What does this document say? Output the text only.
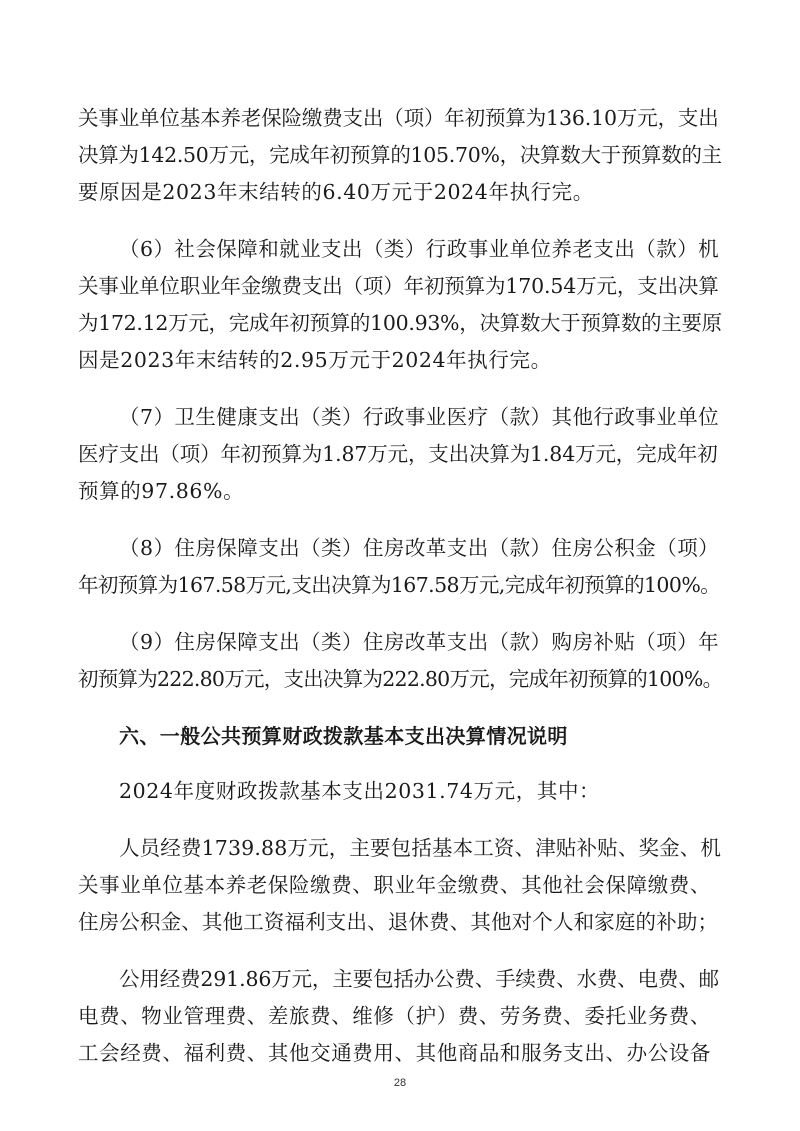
关事业单位基本养老保险缴费支出（项）年初预算为136.10万元，支出
决算为142.50万元，完成年初预算的105.70%，决算数大于预算数的主
要原因是2023年末结转的6.40万元于2024年执行完。

（6）社会保障和就业支出（类）行政事业单位养老支出（款）机
关事业单位职业年金缴费支出（项）年初预算为170.54万元，支出决算
为172.12万元，完成年初预算的100.93%，决算数大于预算数的主要原
因是2023年末结转的2.95万元于2024年执行完。

（7）卫生健康支出（类）行政事业医疗（款）其他行政事业单位
医疗支出（项）年初预算为1.87万元，支出决算为1.84万元，完成年初
预算的97.86%。

（8）住房保障支出（类）住房改革支出（款）住房公积金（项）
年初预算为167.58万元,支出决算为167.58万元,完成年初预算的100%。

（9）住房保障支出（类）住房改革支出（款）购房补贴（项）年
初预算为222.80万元，支出决算为222.80万元，完成年初预算的100%。

六、一般公共预算财政拨款基本支出决算情况说明

2024年度财政拨款基本支出2031.74万元，其中：

人员经费1739.88万元，主要包括基本工资、津贴补贴、奖金、机
关事业单位基本养老保险缴费、职业年金缴费、其他社会保障缴费、
住房公积金、其他工资福利支出、退休费、其他对个人和家庭的补助；

公用经费291.86万元，主要包括办公费、手续费、水费、电费、邮
电费、物业管理费、差旅费、维修（护）费、劳务费、委托业务费、
工会经费、福利费、其他交通费用、其他商品和服务支出、办公设备

28
